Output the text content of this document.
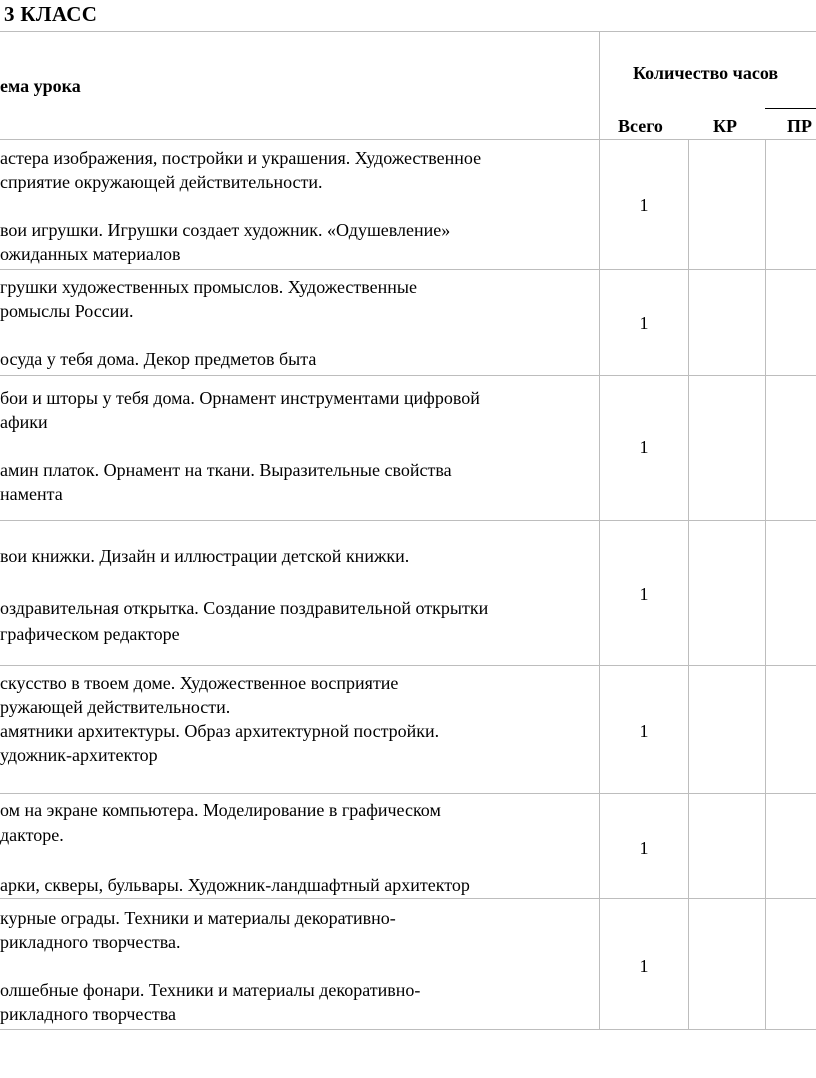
3 КЛАСС
ема урока
Количество часов
Всего	КР	ПР
астера изображения, постройки и украшения. Художественное
сприятие окружающей действительности.
вои игрушки. Игрушки создает художник. «Одушевление»
ожиданных материалов
1
грушки художественных промыслов. Художественные
ромыслы России.
осуда у тебя дома. Декор предметов быта
1
бои и шторы у тебя дома. Орнамент инструментами цифровой
афики
амин платок. Орнамент на ткани. Выразительные свойства
намента
1
вои книжки. Дизайн и иллюстрации детской книжки.
оздравительная открытка. Создание поздравительной открытки
графическом редакторе
1
скусство в твоем доме. Художественное восприятие
ружающей действительности.
амятники архитектуры. Образ архитектурной постройки.
удожник-архитектор
1
ом на экране компьютера. Моделирование в графическом
дакторе.
арки, скверы, бульвары. Художник-ландшафтный архитектор
1
курные ограды. Техники и материалы декоративно-
рикладного творчества.
олшебные фонари. Техники и материалы декоративно-
рикладного творчества
1
